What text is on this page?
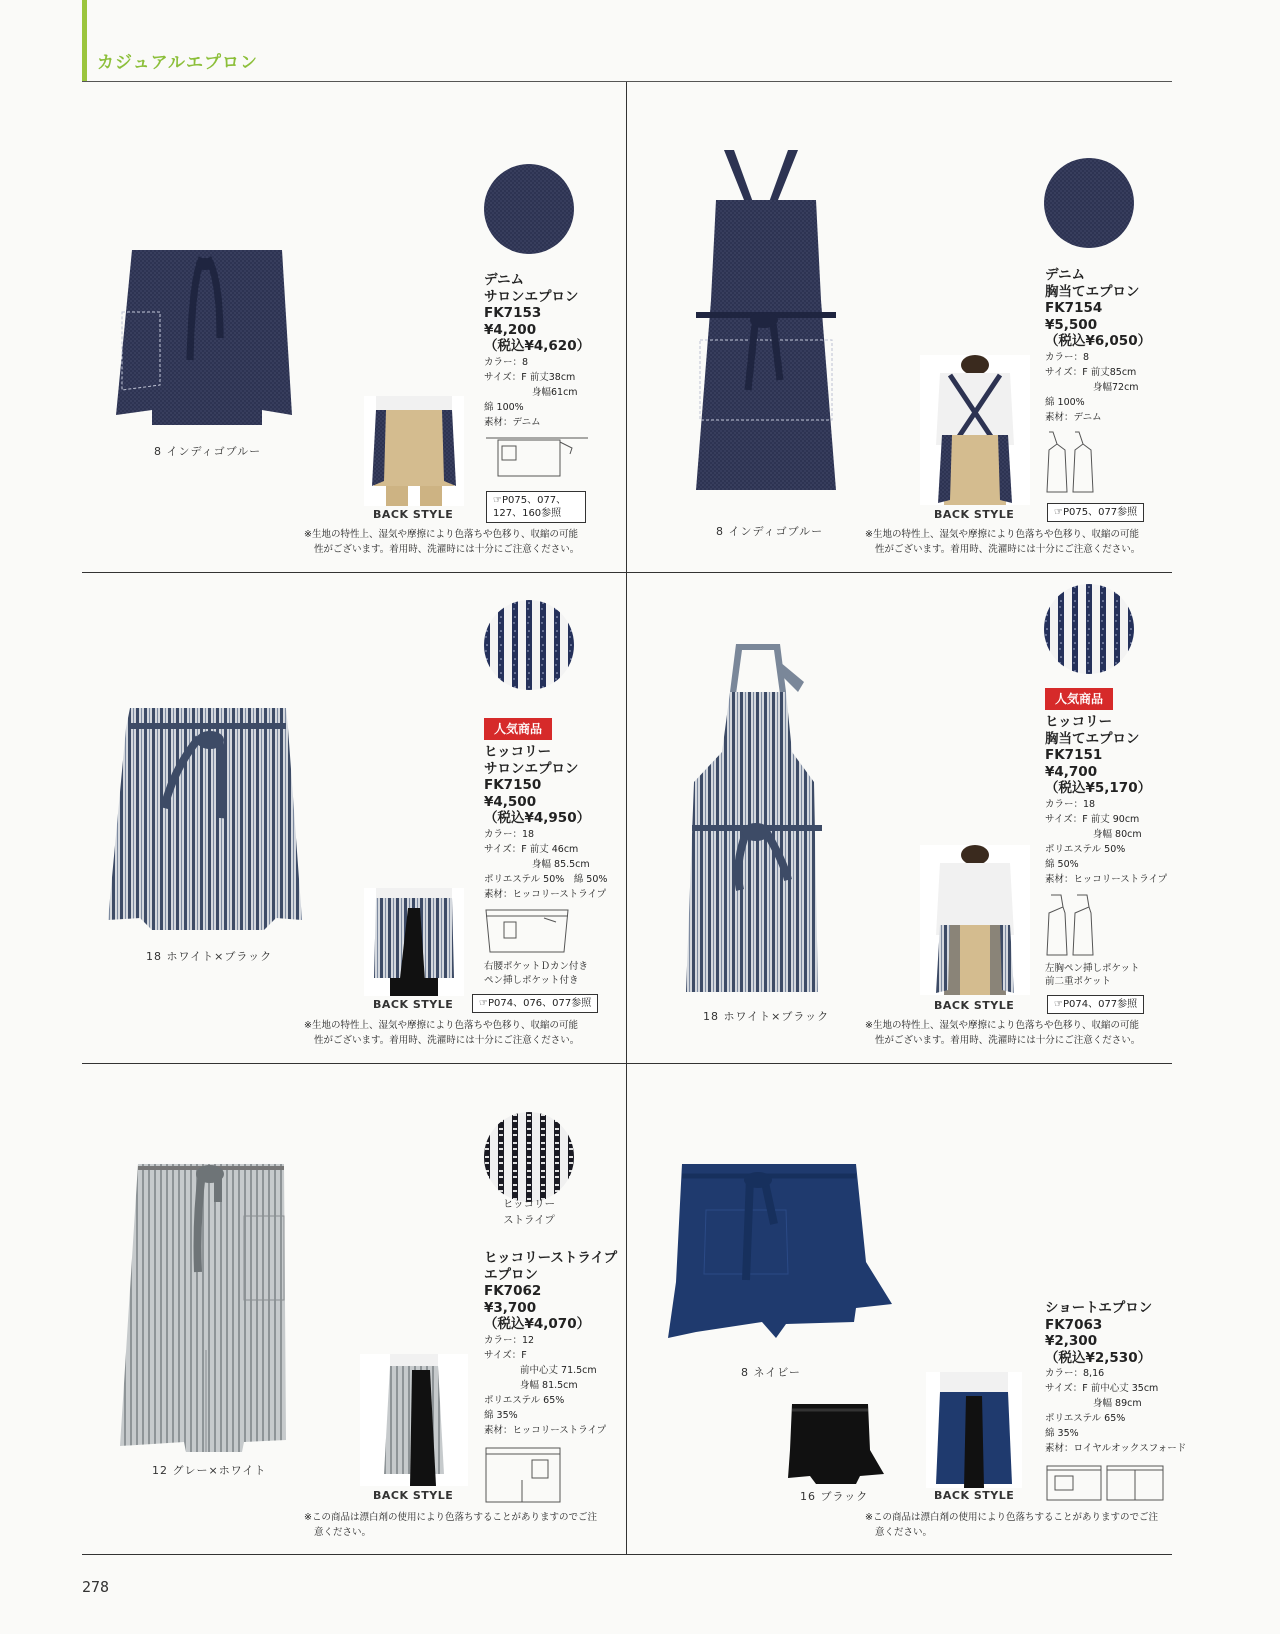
カジュアルエプロン
8 インディゴブルー
BACK STYLE
デニム
サロンエプロン
FK7153
¥4,200
（税込¥4,620）
カラー：8
サイズ：F 前丈38cm
身幅61cm
綿 100%
素材：デニム
☞P075、077、
127、160参照
※生地の特性上、湿気や摩擦により色落ちや色移り、収縮の可能
性がございます。着用時、洗濯時には十分にご注意ください。
8 インディゴブルー
BACK STYLE
デニム
胸当てエプロン
FK7154
¥5,500
（税込¥6,050）
カラー：8
サイズ：F 前丈85cm
身幅72cm
綿 100%
素材：デニム
☞P075、077参照
※生地の特性上、湿気や摩擦により色落ちや色移り、収縮の可能
性がございます。着用時、洗濯時には十分にご注意ください。
18 ホワイト×ブラック
BACK STYLE
人気商品
ヒッコリー
サロンエプロン
FK7150
¥4,500
（税込¥4,950）
カラー：18
サイズ：F 前丈 46cm
身幅 85.5cm
ポリエステル 50%　綿 50%
素材：ヒッコリーストライプ
右腰ポケットＤカン付き
ペン挿しポケット付き
☞P074、076、077参照
※生地の特性上、湿気や摩擦により色落ちや色移り、収縮の可能
性がございます。着用時、洗濯時には十分にご注意ください。
18 ホワイト×ブラック
BACK STYLE
人気商品
ヒッコリー
胸当てエプロン
FK7151
¥4,700
（税込¥5,170）
カラー：18
サイズ：F 前丈 90cm
身幅 80cm
ポリエステル 50%
綿 50%
素材：ヒッコリーストライプ
左胸ペン挿しポケット
前二重ポケット
☞P074、077参照
※生地の特性上、湿気や摩擦により色落ちや色移り、収縮の可能
性がございます。着用時、洗濯時には十分にご注意ください。
12 グレー×ホワイト
BACK STYLE
ヒッコリー
ストライプ
ヒッコリーストライプ
エプロン
FK7062
¥3,700
（税込¥4,070）
カラー：12
サイズ：F
前中心丈 71.5cm
身幅 81.5cm
ポリエステル 65%
綿 35%
素材：ヒッコリーストライプ
※この商品は漂白剤の使用により色落ちすることがありますのでご注
意ください。
8 ネイビー
16 ブラック	BACK STYLE
ショートエプロン
FK7063
¥2,300
（税込¥2,530）
カラー：8,16
サイズ：F 前中心丈 35cm
身幅 89cm
ポリエステル 65%
綿 35%
素材：ロイヤルオックスフォード
※この商品は漂白剤の使用により色落ちすることがありますのでご注
意ください。
278
